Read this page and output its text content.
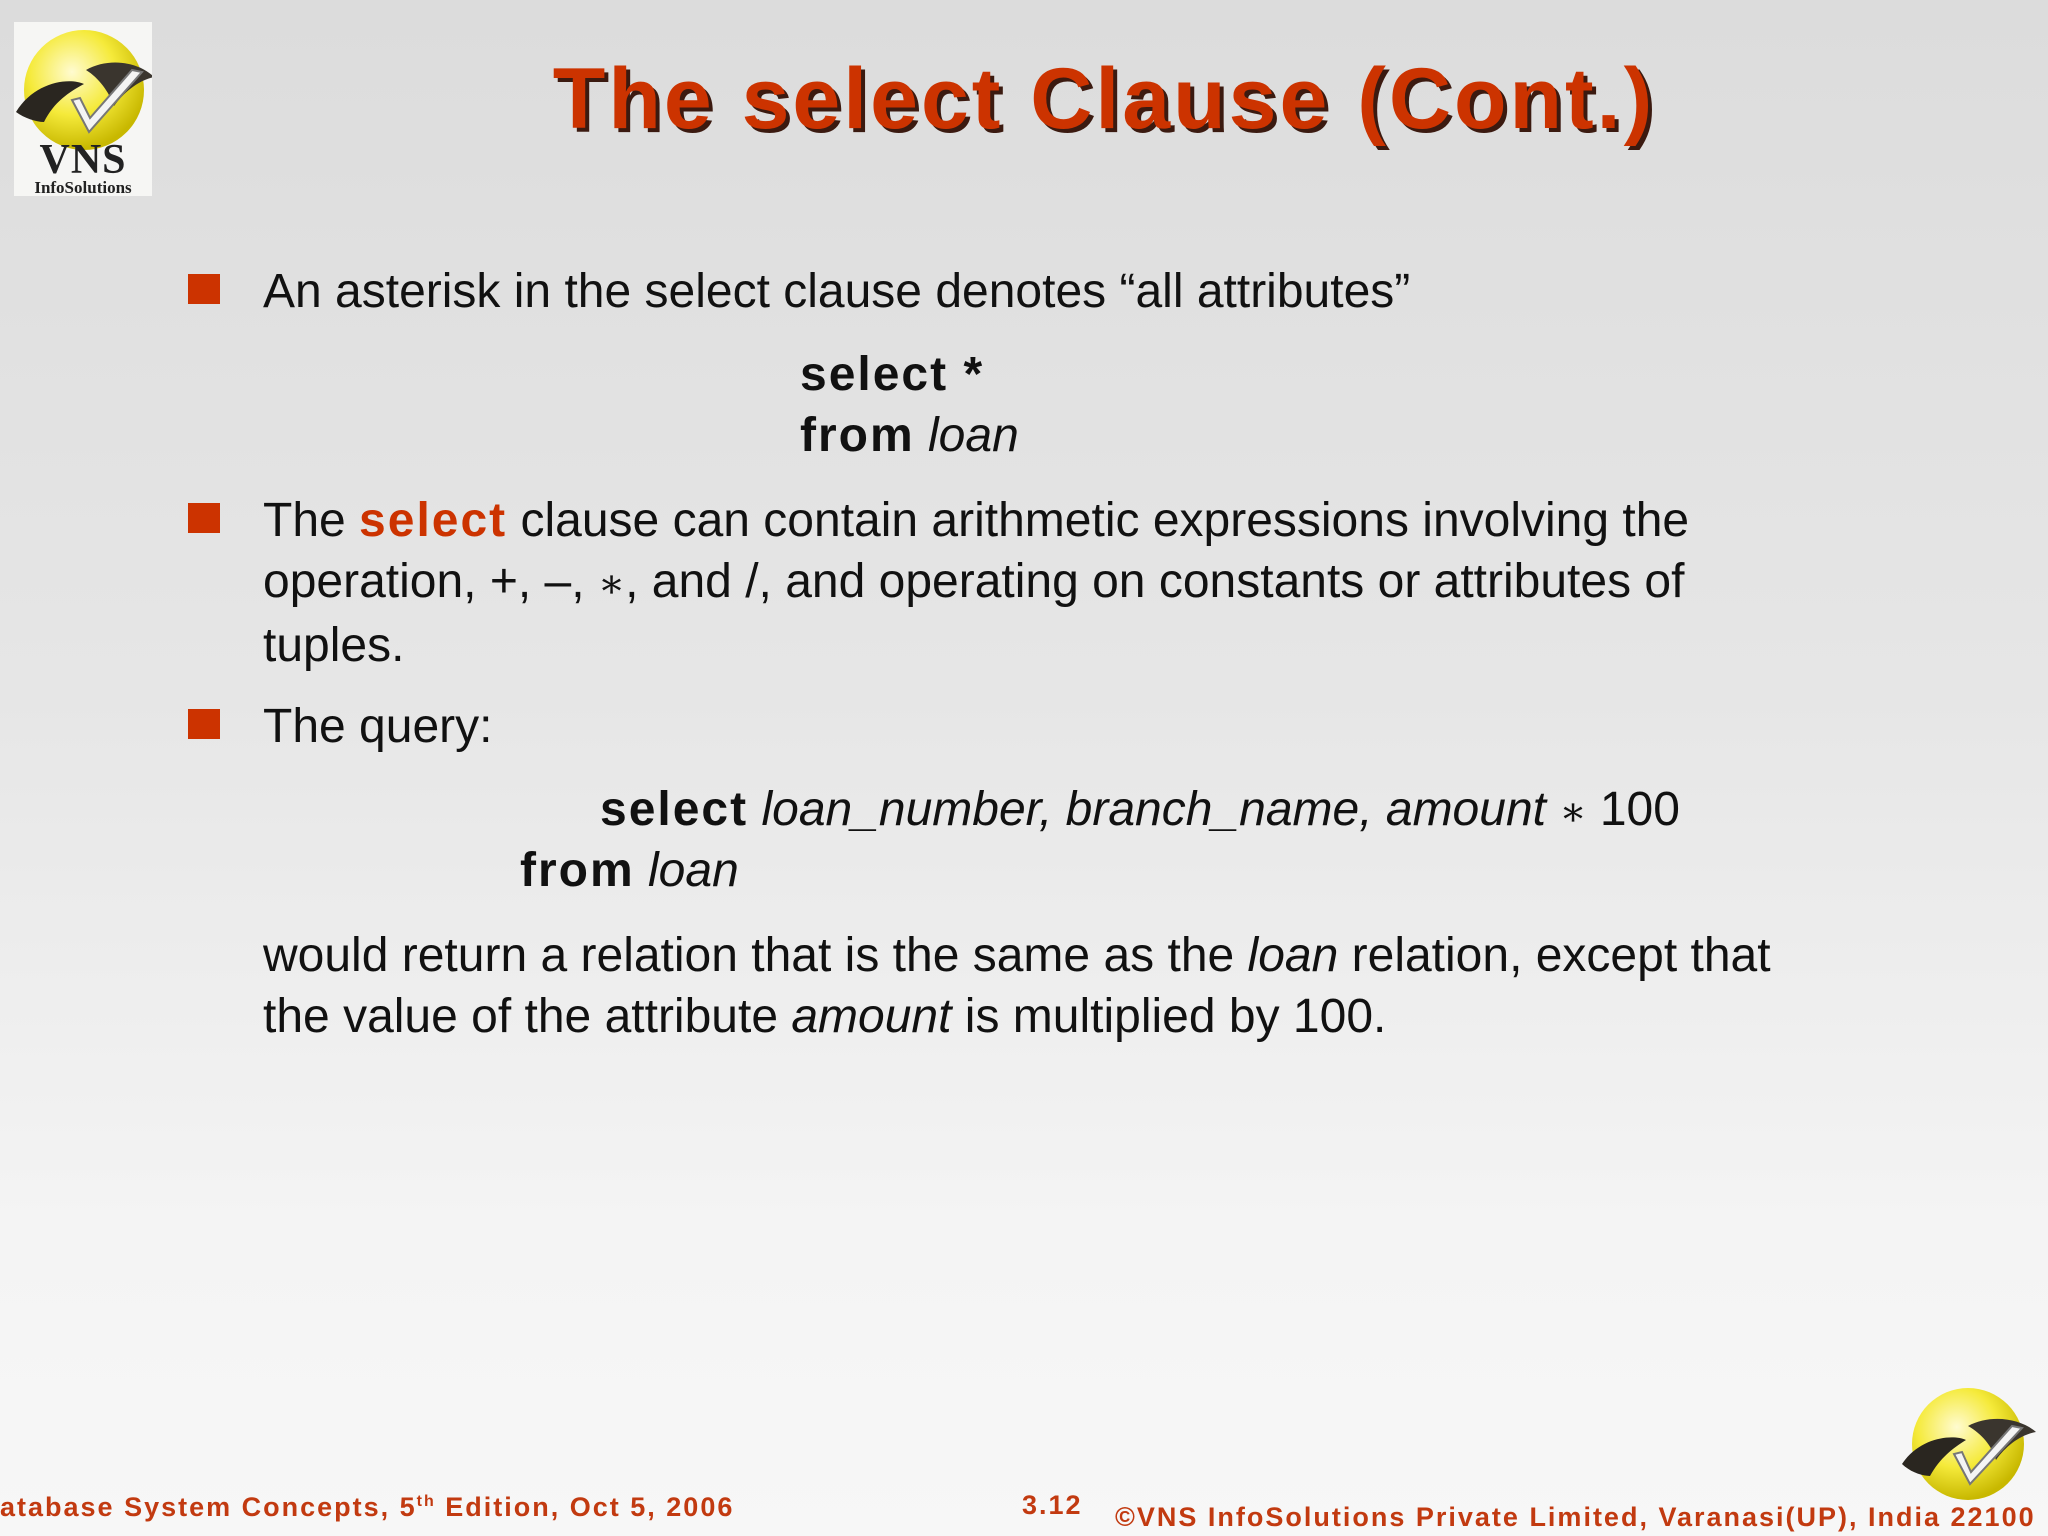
VNS
InfoSolutions
The select Clause (Cont.)
An asterisk in the select clause denotes “all attributes”
select *
from loan
The select clause can contain arithmetic expressions involving the
operation, +, –, ∗, and /, and operating on constants or attributes of
tuples.
The query:
select loan_number, branch_name, amount ∗ 100
from loan
would return a relation that is the same as the loan relation, except that
the value of the attribute amount is multiplied by 100.
atabase System Concepts, 5th Edition, Oct 5, 2006	3.12 ©VNS InfoSolutions Private Limited, Varanasi(UP), India 22100
